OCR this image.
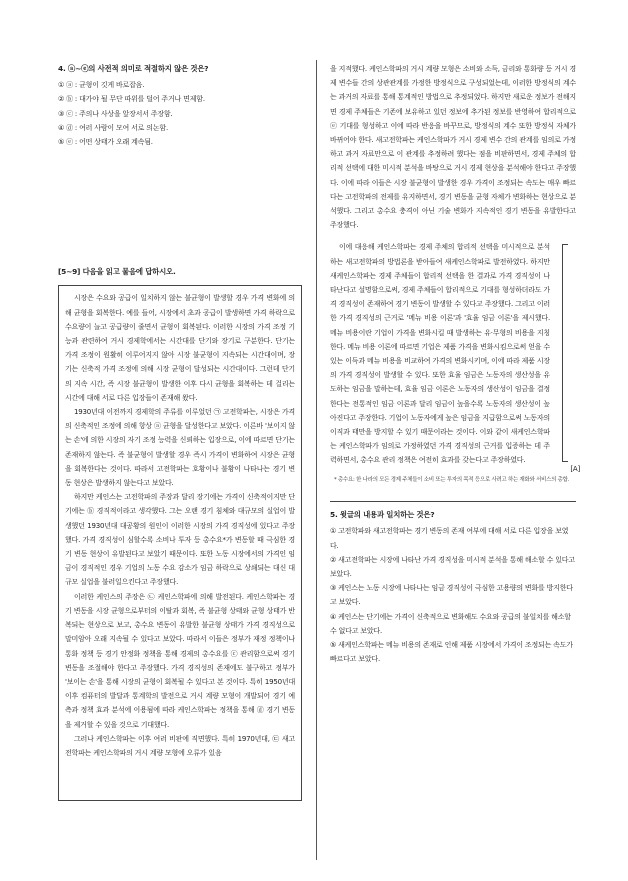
4. ⓐ~ⓔ의 사전적 의미로 적절하지 않은 것은?
① ⓐ : 균형이 깃게 바로잡음.
② ⓑ : 대가야 될 무단 따위를 덜어 주거나 면제함.
③ ⓒ : 주의나 사상을 앞장서서 주장함.
④ ⓓ : 여러 사람이 모여 서로 의논함.
⑤ ⓔ : 어떤 상태가 오래 계속됨.
[5~9] 다음을 읽고 물음에 답하시오.

시장은 수요와 공급이 일치하지 않는 불균형이 발생할 경우 가격 변화에 의해 균형을 회복한다. 예를 들어, 시장에서 초과 공급이 발생하면 가격 하락으로 수요량이 늘고 공급량이 줄면서 균형이 회복된다. 이러한 시장의 가격 조정 기능과 관련하여 거시 경제학에서는 시간대를 단기와 장기로 구분한다. 단기는 가격 조정이 원활히 이루어지지 않아 시장 불균형이 지속되는 시간대이며, 장기는 신축적 가격 조정에 의해 시장 균형이 달성되는 시간대이다. 그런데 단기의 지속 시간, 즉 시장 불균형이 발생한 이후 다시 균형을 회복하는 데 걸리는 시간에 대해 서로 다른 입장들이 존재해 왔다.

1930년대 이전까지 경제학의 주류를 이루었던 ㉠ 고전학파는, 시장은 가격의 신축적인 조정에 의해 항상 ⓐ 균형을 달성한다고 보았다. 이른바 '보이지 않는 손'에 의한 시장의 자기 조정 능력을 신뢰하는 입장으로, 이에 따르면 단기는 존재하지 않는다. 즉 불균형이 발생할 경우 즉시 가격이 변화하여 시장은 균형을 회복한다는 것이다. 따라서 고전학파는 호황이나 불황이 나타나는 경기 변동 현상은 발생하지 않는다고 보았다.

하지만 케인스는 고전학파의 주장과 달리 장기에는 가격이 신축적이지만 단기에는 ⓑ 경직적이라고 생각했다. 그는 오랜 경기 침체와 대규모의 실업이 발생했던 1930년대 대공황의 원인이 이러한 시장의 가격 경직성에 있다고 주장했다. 가격 경직성이 심할수록 소비나 투자 등 총수요*가 변동할 때 극심한 경기 변동 현상이 유발된다고 보았기 때문이다. 또한 노동 시장에서의 가격인 임금이 경직적인 경우 기업의 노동 수요 감소가 임금 하락으로 상쇄되는 대신 대규모 실업을 불러일으킨다고 주장했다.

이러한 케인스의 주장은 ㉡ 케인스학파에 의해 발전된다. 케인스학파는 경기 변동을 시장 균형으로부터의 이탈과 회복, 즉 불균형 상태와 균형 상태가 반복되는 현상으로 보고, 총수요 변동이 유발한 불균형 상태가 가격 경직성으로 말미암아 오래 지속될 수 있다고 보았다. 따라서 이들은 정부가 재정 정책이나 통화 정책 등 경기 안정화 정책을 통해 경제의 총수요를 ⓒ 관리함으로써 경기 변동을 조절해야 한다고 주장했다. 가격 경직성의 존재에도 불구하고 정부가 '보이는 손'을 통해 시장의 균형이 회복될 수 있다고 본 것이다. 특히 1950년대 이후 컴퓨터의 발달과 통계학의 발전으로 거시 계량 모형이 개발되어 경기 예측과 정책 효과 분석에 이용됨에 따라 케인스학파는 정책을 통해 ⓓ 경기 변동을 제거할 수 있을 것으로 기대했다.

그러나 케인스학파는 이후 여러 비판에 직면했다. 특히 1970년대, ㉢ 새고전학파는 케인스학파의 거시 계량 모형에 오류가 있음

을 지적했다. 케인스학파의 거시 계량 모형은 소비와 소득, 금리와 통화량 등 거시 경제 변수들 간의 상관관계를 가정한 방정식으로 구성되었는데, 이러한 방정식의 계수는 과거의 자료를 통해 통계적인 방법으로 추정되었다. 하지만 새로운 정보가 전해지면 경제 주체들은 기존에 보유하고 있던 정보에 추가된 정보를 반영하여 합리적으로 ⓔ 기대를 형성하고 이에 따라 반응을 바꾸므로, 방정식의 계수 또한 방정식 자체가 바뀌어야 한다. 새고전학파는 케인스학파가 거시 경제 변수 간의 관계를 임의로 가정하고 과거 자료만으로 이 관계를 추정하려 했다는 점을 비판하면서, 경제 주체의 합리적 선택에 대한 미시적 분석을 바탕으로 거시 경제 현상을 분석해야 한다고 주장했다. 이에 따라 이들은 시장 불균형이 발생한 경우 가격이 조정되는 속도는 매우 빠르다는 고전학파의 전제를 유지하면서, 경기 변동을 균형 자체가 변화하는 현상으로 분석했다. 그리고 총수요 충격이 아닌 기술 변화가 지속적인 경기 변동을 유발한다고 주장했다.

이에 대응해 케인스학파는 경제 주체의 합리적 선택을 미시적으로 분석하는 새고전학파의 방법론을 받아들여 새케인스학파로 발전하였다. 하지만 새케인스학파는 경제 주체들이 합리적 선택을 한 결과로 가격 경직성이 나타난다고 설명함으로써, 경제 주체들이 합리적으로 기대를 형성하더라도 가격 경직성이 존재하여 경기 변동이 발생할 수 있다고 주장했다. 그리고 이러한 가격 경직성의 근거로 '메뉴 비용 이론'과 '효율 임금 이론'을 제시했다. 메뉴 비용이란 기업이 가격을 변화시킬 때 발생하는 유·무형의 비용을 지칭한다. 메뉴 비용 이론에 따르면 기업은 제품 가격을 변화시킴으로써 얻을 수 있는 이득과 메뉴 비용을 비교하여 가격의 변화시키며, 이에 따라 제품 시장의 가격 경직성이 발생할 수 있다. 또한 효율 임금은 노동자의 생산성을 유도하는 임금을 말하는데, 효율 임금 이론은 노동자의 생산성이 임금을 결정한다는 전통적인 임금 이론과 달리 임금이 높을수록 노동자의 생산성이 높아진다고 주장한다. 기업이 노동자에게 높은 임금을 지급함으로써 노동자의 이직과 태만을 방지할 수 있기 때문이라는 것이다. 이와 같이 새케인스학파는 케인스학파가 임의로 가정하였던 가격 경직성의 근거를 입증하는 데 주력하면서, 총수요 관리 정책은 여전히 효과를 갖는다고 주장하였다.

[A]
* 총수요: 한 나라의 모든 경제 주체들이 소비 또는 투자의 목적 등으로 사려고 하는 재화와 서비스의 총합.
5. 윗글의 내용과 일치하는 것은?
① 고전학파와 새고전학파는 경기 변동의 존재 여부에 대해 서로 다른 입장을 보였다.
② 새고전학파는 시장에 나타난 가격 경직성을 미시적 분석을 통해 해소할 수 있다고 보았다.
③ 케인스는 노동 시장에 나타나는 임금 경직성이 극심한 고용량의 변화를 방지한다고 보았다.
④ 케인스는 단기에는 가격이 신축적으로 변화해도 수요와 공급의 불일치를 해소할 수 없다고 보았다.
⑤ 새케인스학파는 메뉴 비용의 존재로 인해 제품 시장에서 가격이 조정되는 속도가 빠르다고 보았다.
